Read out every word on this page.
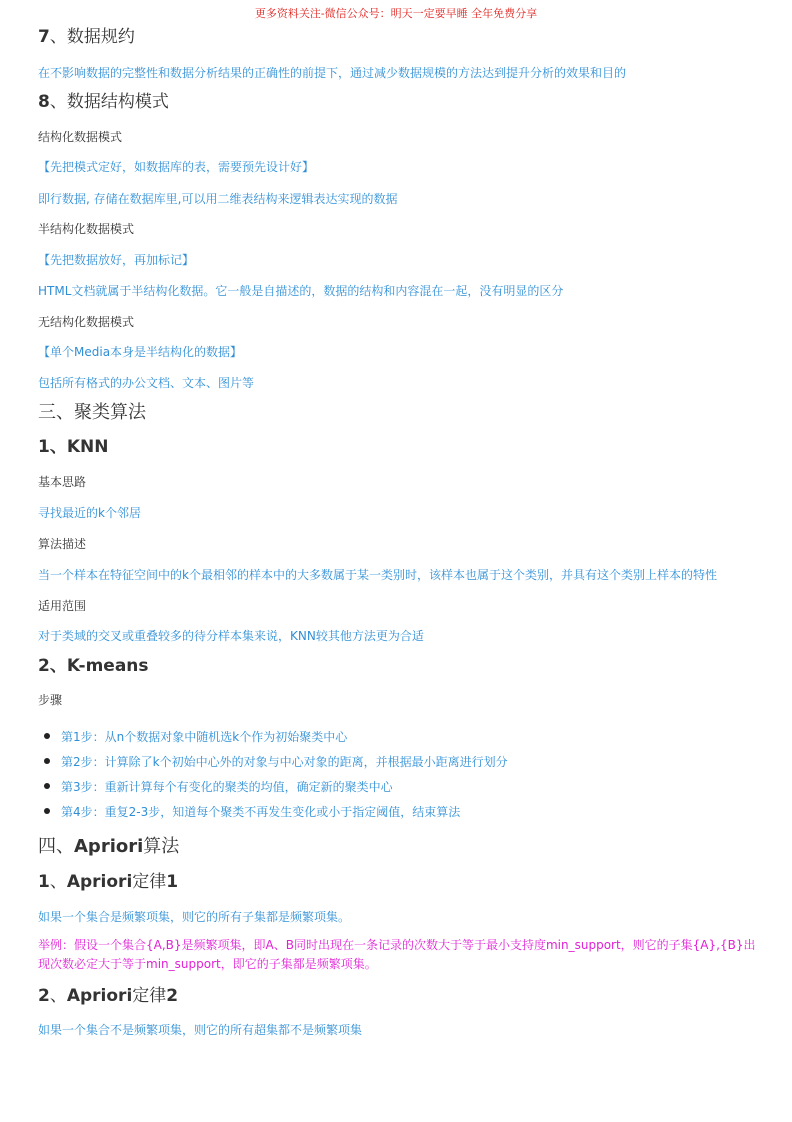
更多资料关注-微信公众号：明天一定要早睡 全年免费分享
7、数据规约
在不影响数据的完整性和数据分析结果的正确性的前提下，通过减少数据规模的方法达到提升分析的效果和目的
8、数据结构模式
结构化数据模式
【先把模式定好，如数据库的表，需要预先设计好】
即行数据, 存储在数据库里,可以用二维表结构来逻辑表达实现的数据
半结构化数据模式
【先把数据放好，再加标记】
HTML文档就属于半结构化数据。它一般是自描述的，数据的结构和内容混在一起，没有明显的区分
无结构化数据模式
【单个Media本身是半结构化的数据】
包括所有格式的办公文档、文本、图片等
三、聚类算法
1、KNN
基本思路
寻找最近的k个邻居
算法描述
当一个样本在特征空间中的k个最相邻的样本中的大多数属于某一类别时，该样本也属于这个类别，并具有这个类别上样本的特性
适用范围
对于类域的交叉或重叠较多的待分样本集来说，KNN较其他方法更为合适
2、K-means
步骤
第1步：从n个数据对象中随机选k个作为初始聚类中心
第2步：计算除了k个初始中心外的对象与中心对象的距离，并根据最小距离进行划分
第3步：重新计算每个有变化的聚类的均值，确定新的聚类中心
第4步：重复2-3步，知道每个聚类不再发生变化或小于指定阈值，结束算法
四、Apriori算法
1、Apriori定律1
如果一个集合是频繁项集，则它的所有子集都是频繁项集。
举例：假设一个集合{A,B}是频繁项集，即A、B同时出现在一条记录的次数大于等于最小支持度min_support，则它的子集{A},{B}出现次数必定大于等于min_support，即它的子集都是频繁项集。
2、Apriori定律2
如果一个集合不是频繁项集，则它的所有超集都不是频繁项集
